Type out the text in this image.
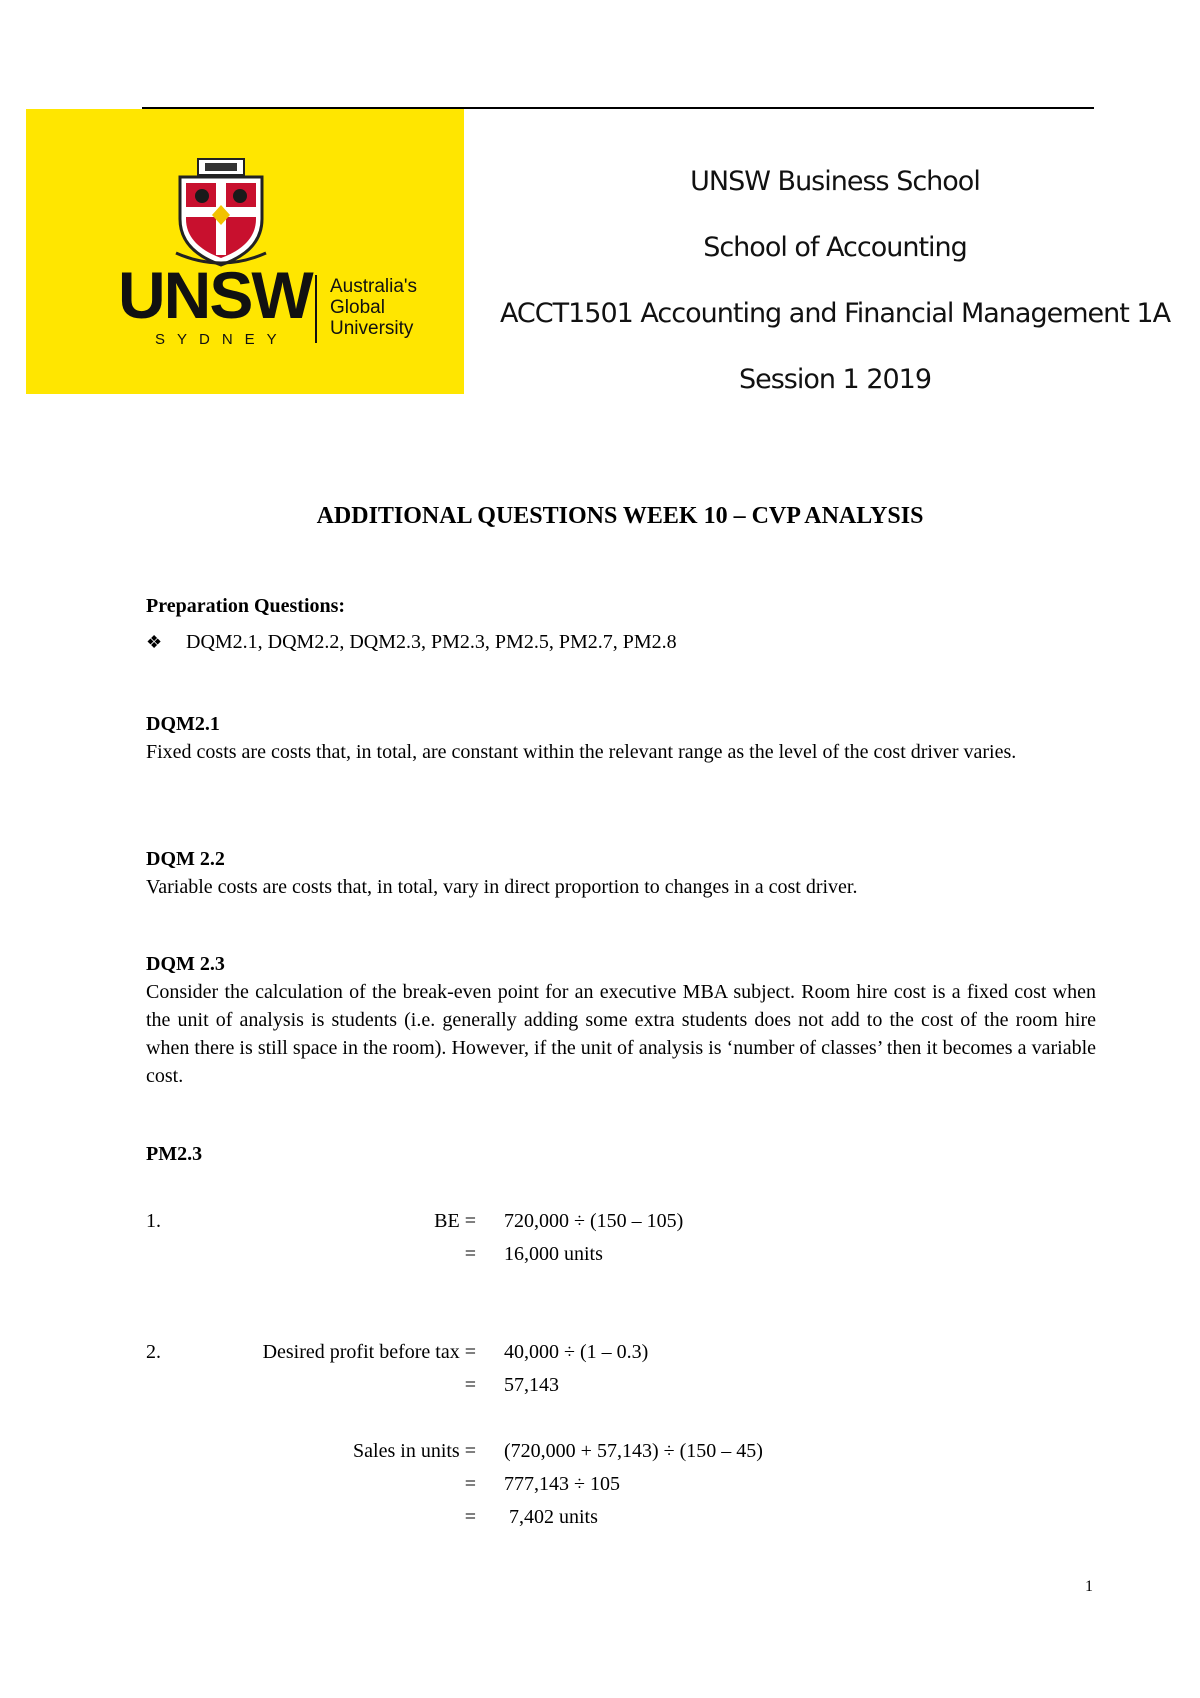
UNSW
SYDNEY
Australia's
Global
University
UNSW Business School
School of Accounting
ACCT1501 Accounting and Financial Management 1A
Session 1 2019
ADDITIONAL QUESTIONS WEEK 10 – CVP ANALYSIS
Preparation Questions:
❖ DQM2.1, DQM2.2, DQM2.3, PM2.3, PM2.5, PM2.7, PM2.8
DQM2.1
Fixed costs are costs that, in total, are constant within the relevant range as the level of the cost driver varies.
DQM 2.2
Variable costs are costs that, in total, vary in direct proportion to changes in a cost driver.
DQM 2.3
Consider the calculation of the break-even point for an executive MBA subject. Room hire cost is a fixed cost when the unit of analysis is students (i.e. generally adding some extra students does not add to the cost of the room hire when there is still space in the room). However, if the unit of analysis is ‘number of classes’ then it becomes a variable cost.
PM2.3
1.	BE = 720,000 ÷ (150 – 105)
= 16,000 units
2.	Desired profit before tax = 40,000 ÷ (1 – 0.3)
= 57,143
Sales in units = (720,000 + 57,143) ÷ (150 – 45)
= 777,143 ÷ 105
= 7,402 units
1
